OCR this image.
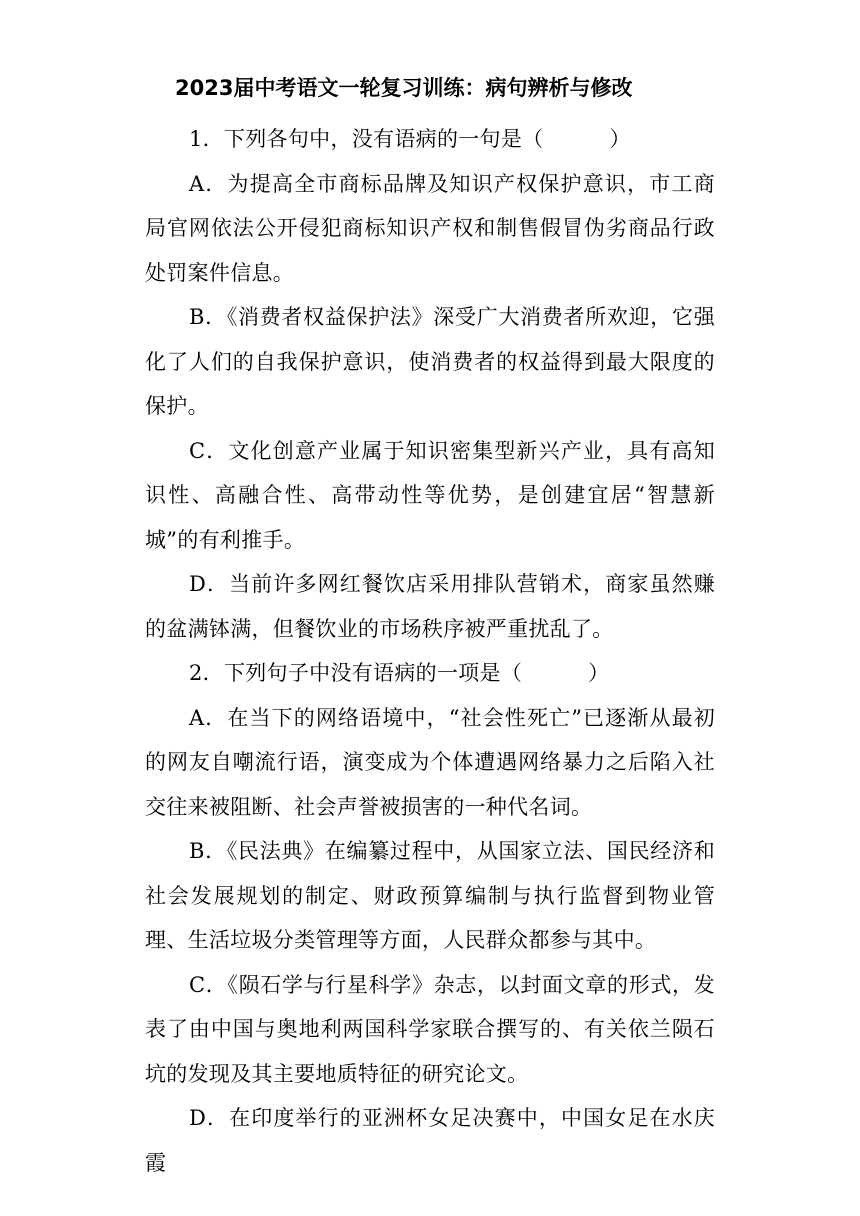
2023届中考语文一轮复习训练：病句辨析与修改

1．下列各句中，没有语病的一句是（	）

A．为提高全市商标品牌及知识产权保护意识，市工商局官网依法公开侵犯商标知识产权和制售假冒伪劣商品行政处罚案件信息。

B．《消费者权益保护法》深受广大消费者所欢迎，它强化了人们的自我保护意识，使消费者的权益得到最大限度的保护。

C．文化创意产业属于知识密集型新兴产业，具有高知识性、高融合性、高带动性等优势，是创建宜居“智慧新城”的有利推手。

D．当前许多网红餐饮店采用排队营销术，商家虽然赚的盆满钵满，但餐饮业的市场秩序被严重扰乱了。

2．下列句子中没有语病的一项是（	）

A．在当下的网络语境中，“社会性死亡”已逐渐从最初的网友自嘲流行语，演变成为个体遭遇网络暴力之后陷入社交往来被阻断、社会声誉被损害的一种代名词。

B．《民法典》在编纂过程中，从国家立法、国民经济和社会发展规划的制定、财政预算编制与执行监督到物业管理、生活垃圾分类管理等方面，人民群众都参与其中。

C．《陨石学与行星科学》杂志，以封面文章的形式，发表了由中国与奥地利两国科学家联合撰写的、有关依兰陨石坑的发现及其主要地质特征的研究论文。

D．在印度举行的亚洲杯女足决赛中，中国女足在水庆霞
